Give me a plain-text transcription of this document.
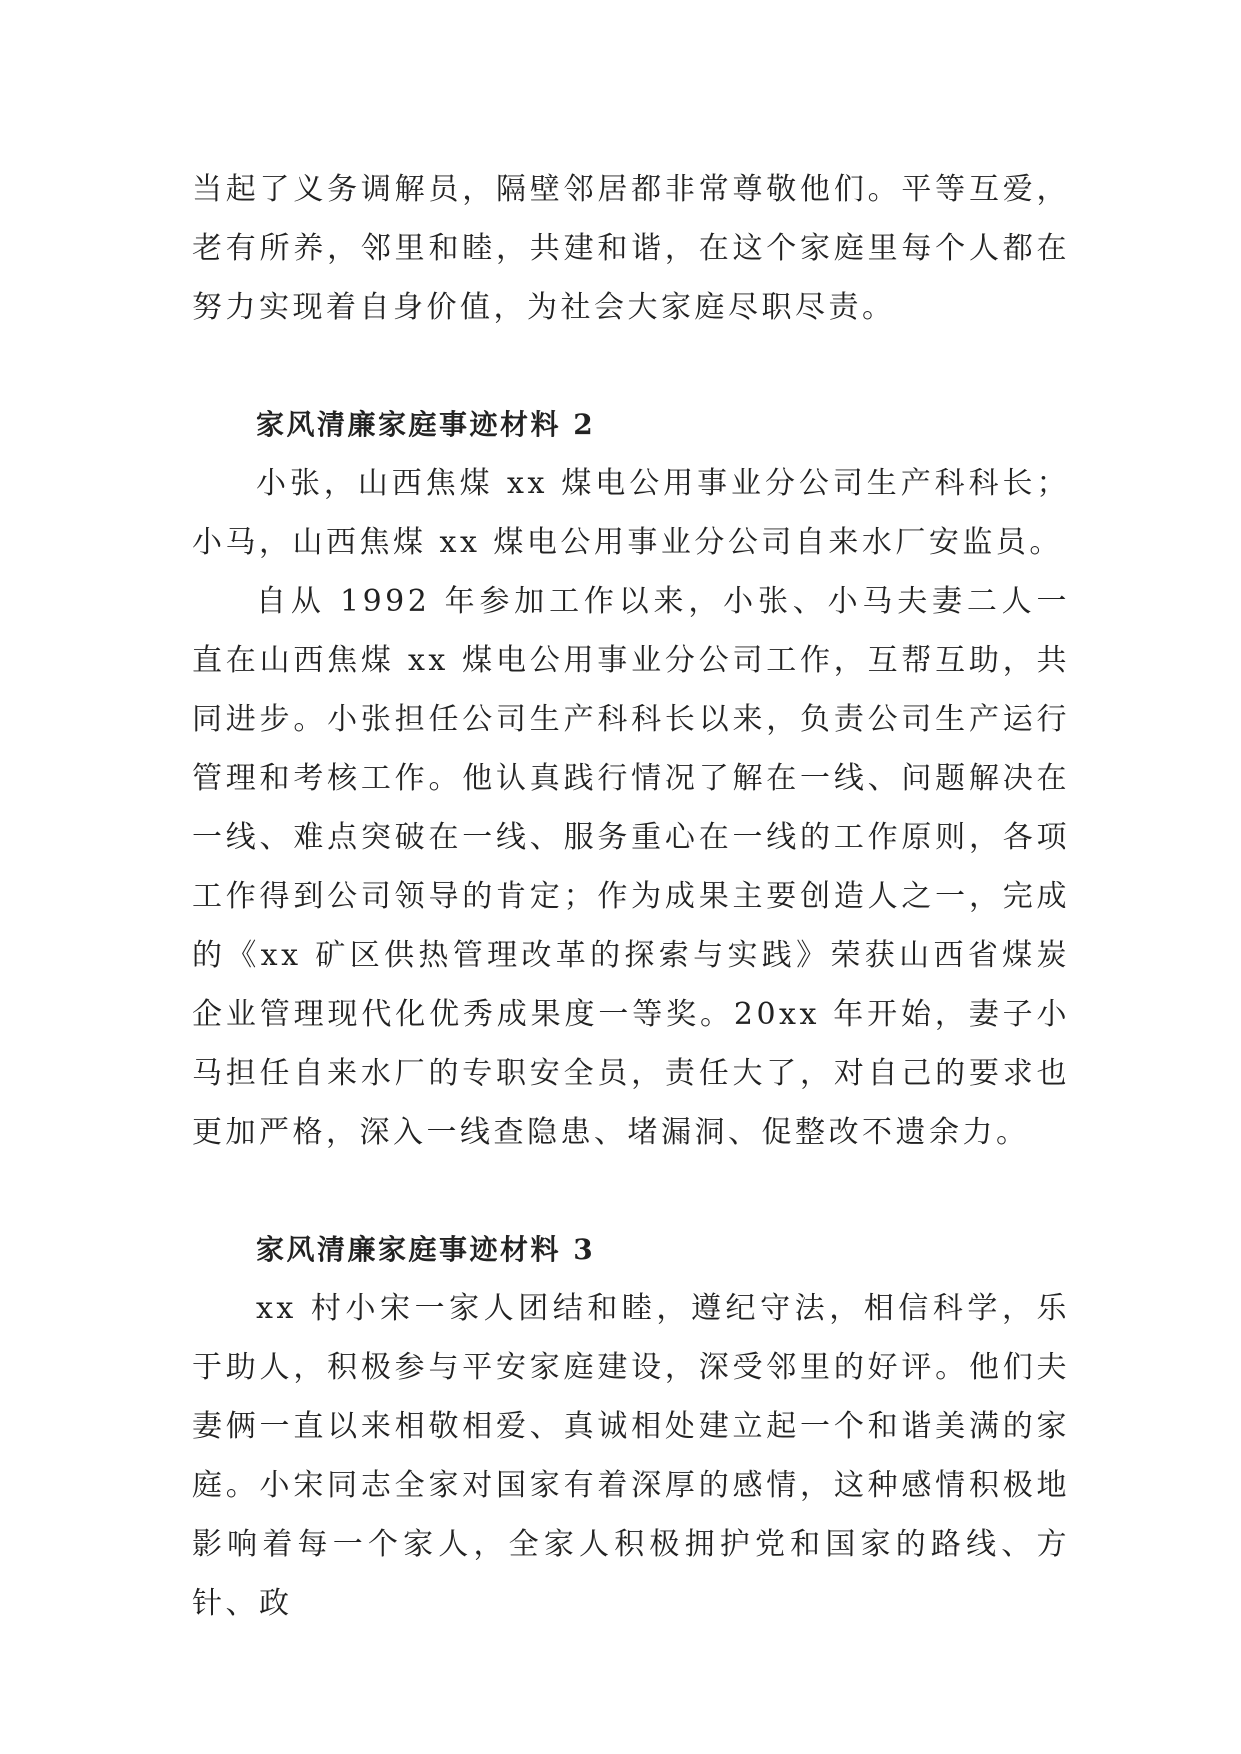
当起了义务调解员，隔壁邻居都非常尊敬他们。平等互爱，老有所养，邻里和睦，共建和谐，在这个家庭里每个人都在努力实现着自身价值，为社会大家庭尽职尽责。

家风清廉家庭事迹材料 2

小张，山西焦煤 xx 煤电公用事业分公司生产科科长；小马，山西焦煤 xx 煤电公用事业分公司自来水厂安监员。

自从 1992 年参加工作以来，小张、小马夫妻二人一直在山西焦煤 xx 煤电公用事业分公司工作，互帮互助，共同进步。小张担任公司生产科科长以来，负责公司生产运行管理和考核工作。他认真践行情况了解在一线、问题解决在一线、难点突破在一线、服务重心在一线的工作原则，各项工作得到公司领导的肯定；作为成果主要创造人之一，完成的《xx 矿区供热管理改革的探索与实践》荣获山西省煤炭企业管理现代化优秀成果度一等奖。20xx 年开始，妻子小马担任自来水厂的专职安全员，责任大了，对自己的要求也更加严格，深入一线查隐患、堵漏洞、促整改不遗余力。

家风清廉家庭事迹材料 3

xx 村小宋一家人团结和睦，遵纪守法，相信科学，乐于助人，积极参与平安家庭建设，深受邻里的好评。他们夫妻俩一直以来相敬相爱、真诚相处建立起一个和谐美满的家庭。小宋同志全家对国家有着深厚的感情，这种感情积极地影响着每一个家人，全家人积极拥护党和国家的路线、方针、政
